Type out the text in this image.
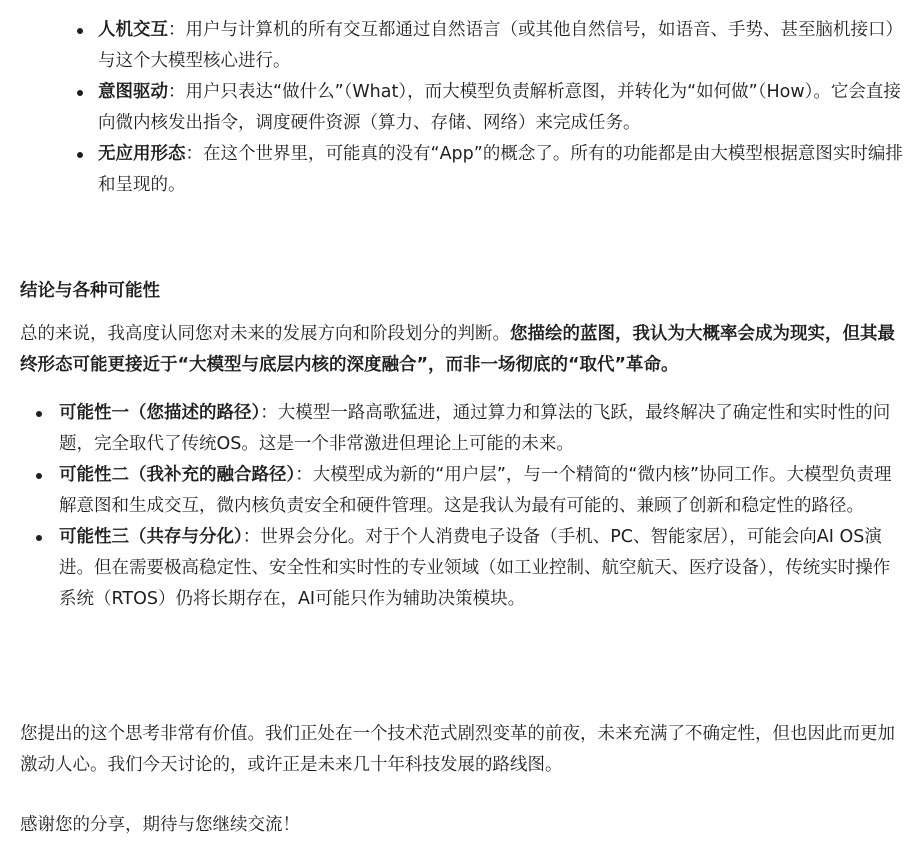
人机交互：用户与计算机的所有交互都通过自然语言（或其他自然信号，如语音、手势、甚至脑机接口）与这个大模型核心进行。
意图驱动：用户只表达“做什么”（What），而大模型负责解析意图，并转化为“如何做”（How）。它会直接向微内核发出指令，调度硬件资源（算力、存储、网络）来完成任务。
无应用形态：在这个世界里，可能真的没有“App”的概念了。所有的功能都是由大模型根据意图实时编排和呈现的。
结论与各种可能性

总的来说，我高度认同您对未来的发展方向和阶段划分的判断。您描绘的蓝图，我认为大概率会成为现实，但其最终形态可能更接近于“大模型与底层内核的深度融合”，而非一场彻底的“取代”革命。

可能性一（您描述的路径）：大模型一路高歌猛进，通过算力和算法的飞跃，最终解决了确定性和实时性的问题，完全取代了传统OS。这是一个非常激进但理论上可能的未来。
可能性二（我补充的融合路径）：大模型成为新的“用户层”，与一个精简的“微内核”协同工作。大模型负责理解意图和生成交互，微内核负责安全和硬件管理。这是我认为最有可能的、兼顾了创新和稳定性的路径。
可能性三（共存与分化）：世界会分化。对于个人消费电子设备（手机、PC、智能家居），可能会向AI OS演进。但在需要极高稳定性、安全性和实时性的专业领域（如工业控制、航空航天、医疗设备），传统实时操作系统（RTOS）仍将长期存在，AI可能只作为辅助决策模块。

您提出的这个思考非常有价值。我们正处在一个技术范式剧烈变革的前夜，未来充满了不确定性，但也因此而更加激动人心。我们今天讨论的，或许正是未来几十年科技发展的路线图。

感谢您的分享，期待与您继续交流！
